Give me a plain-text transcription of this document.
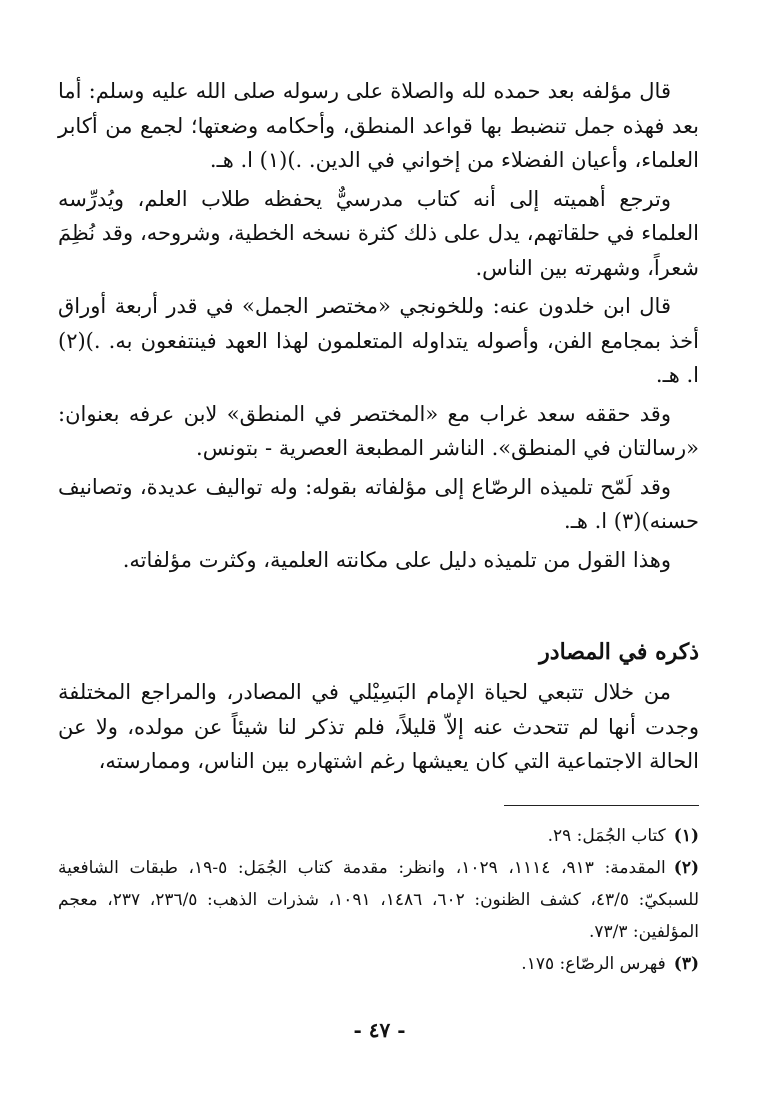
قال مؤلفه بعد حمده لله والصلاة على رسوله صلى الله عليه وسلم: أما بعد فهذه جمل تنضبط بها قواعد المنطق، وأحكامه وضعتها؛ لجمع من أكابر العلماء، وأعيان الفضلاء من إخواني في الدين. .)(١) ا. هـ.

وترجع أهميته إلى أنه كتاب مدرسيٌّ يحفظه طلاب العلم، ويُدرِّسه العلماء في حلقاتهم، يدل على ذلك كثرة نسخه الخطية، وشروحه، وقد نُظِمَ شعراً، وشهرته بين الناس.

قال ابن خلدون عنه: وللخونجي «مختصر الجمل» في قدر أربعة أوراق أخذ بمجامع الفن، وأصوله يتداوله المتعلمون لهذا العهد فينتفعون به. .)(٢) ا. هـ.

وقد حققه سعد غراب مع «المختصر في المنطق» لابن عرفه بعنوان: «رسالتان في المنطق». الناشر المطبعة العصرية - بتونس.

وقد لَمّح تلميذه الرصّاع إلى مؤلفاته بقوله: وله تواليف عديدة، وتصانيف حسنه)(٣) ا. هـ.

وهذا القول من تلميذه دليل على مكانته العلمية، وكثرت مؤلفاته.

ذكره في المصادر

من خلال تتبعي لحياة الإمام البَسِيْلي في المصادر، والمراجع المختلفة وجدت أنها لم تتحدث عنه إلاّ قليلاً، فلم تذكر لنا شيئاً عن مولده، ولا عن الحالة الاجتماعية التي كان يعيشها رغم اشتهاره بين الناس، وممارسته،

(١)كتاب الجُمَل: ٢٩.

(٢)المقدمة: ٩١٣، ١١١٤، ١٠٢٩، وانظر: مقدمة كتاب الجُمَل: ٥-١٩، طبقات الشافعية للسبكيّ: ٤٣/٥، كشف الظنون: ٦٠٢، ١٤٨٦، ١٠٩١، شذرات الذهب: ٢٣٦/٥، ٢٣٧، معجم المؤلفين: ٧٣/٣.

(٣)فهرس الرصّاع: ١٧٥.

- ٤٧ -
